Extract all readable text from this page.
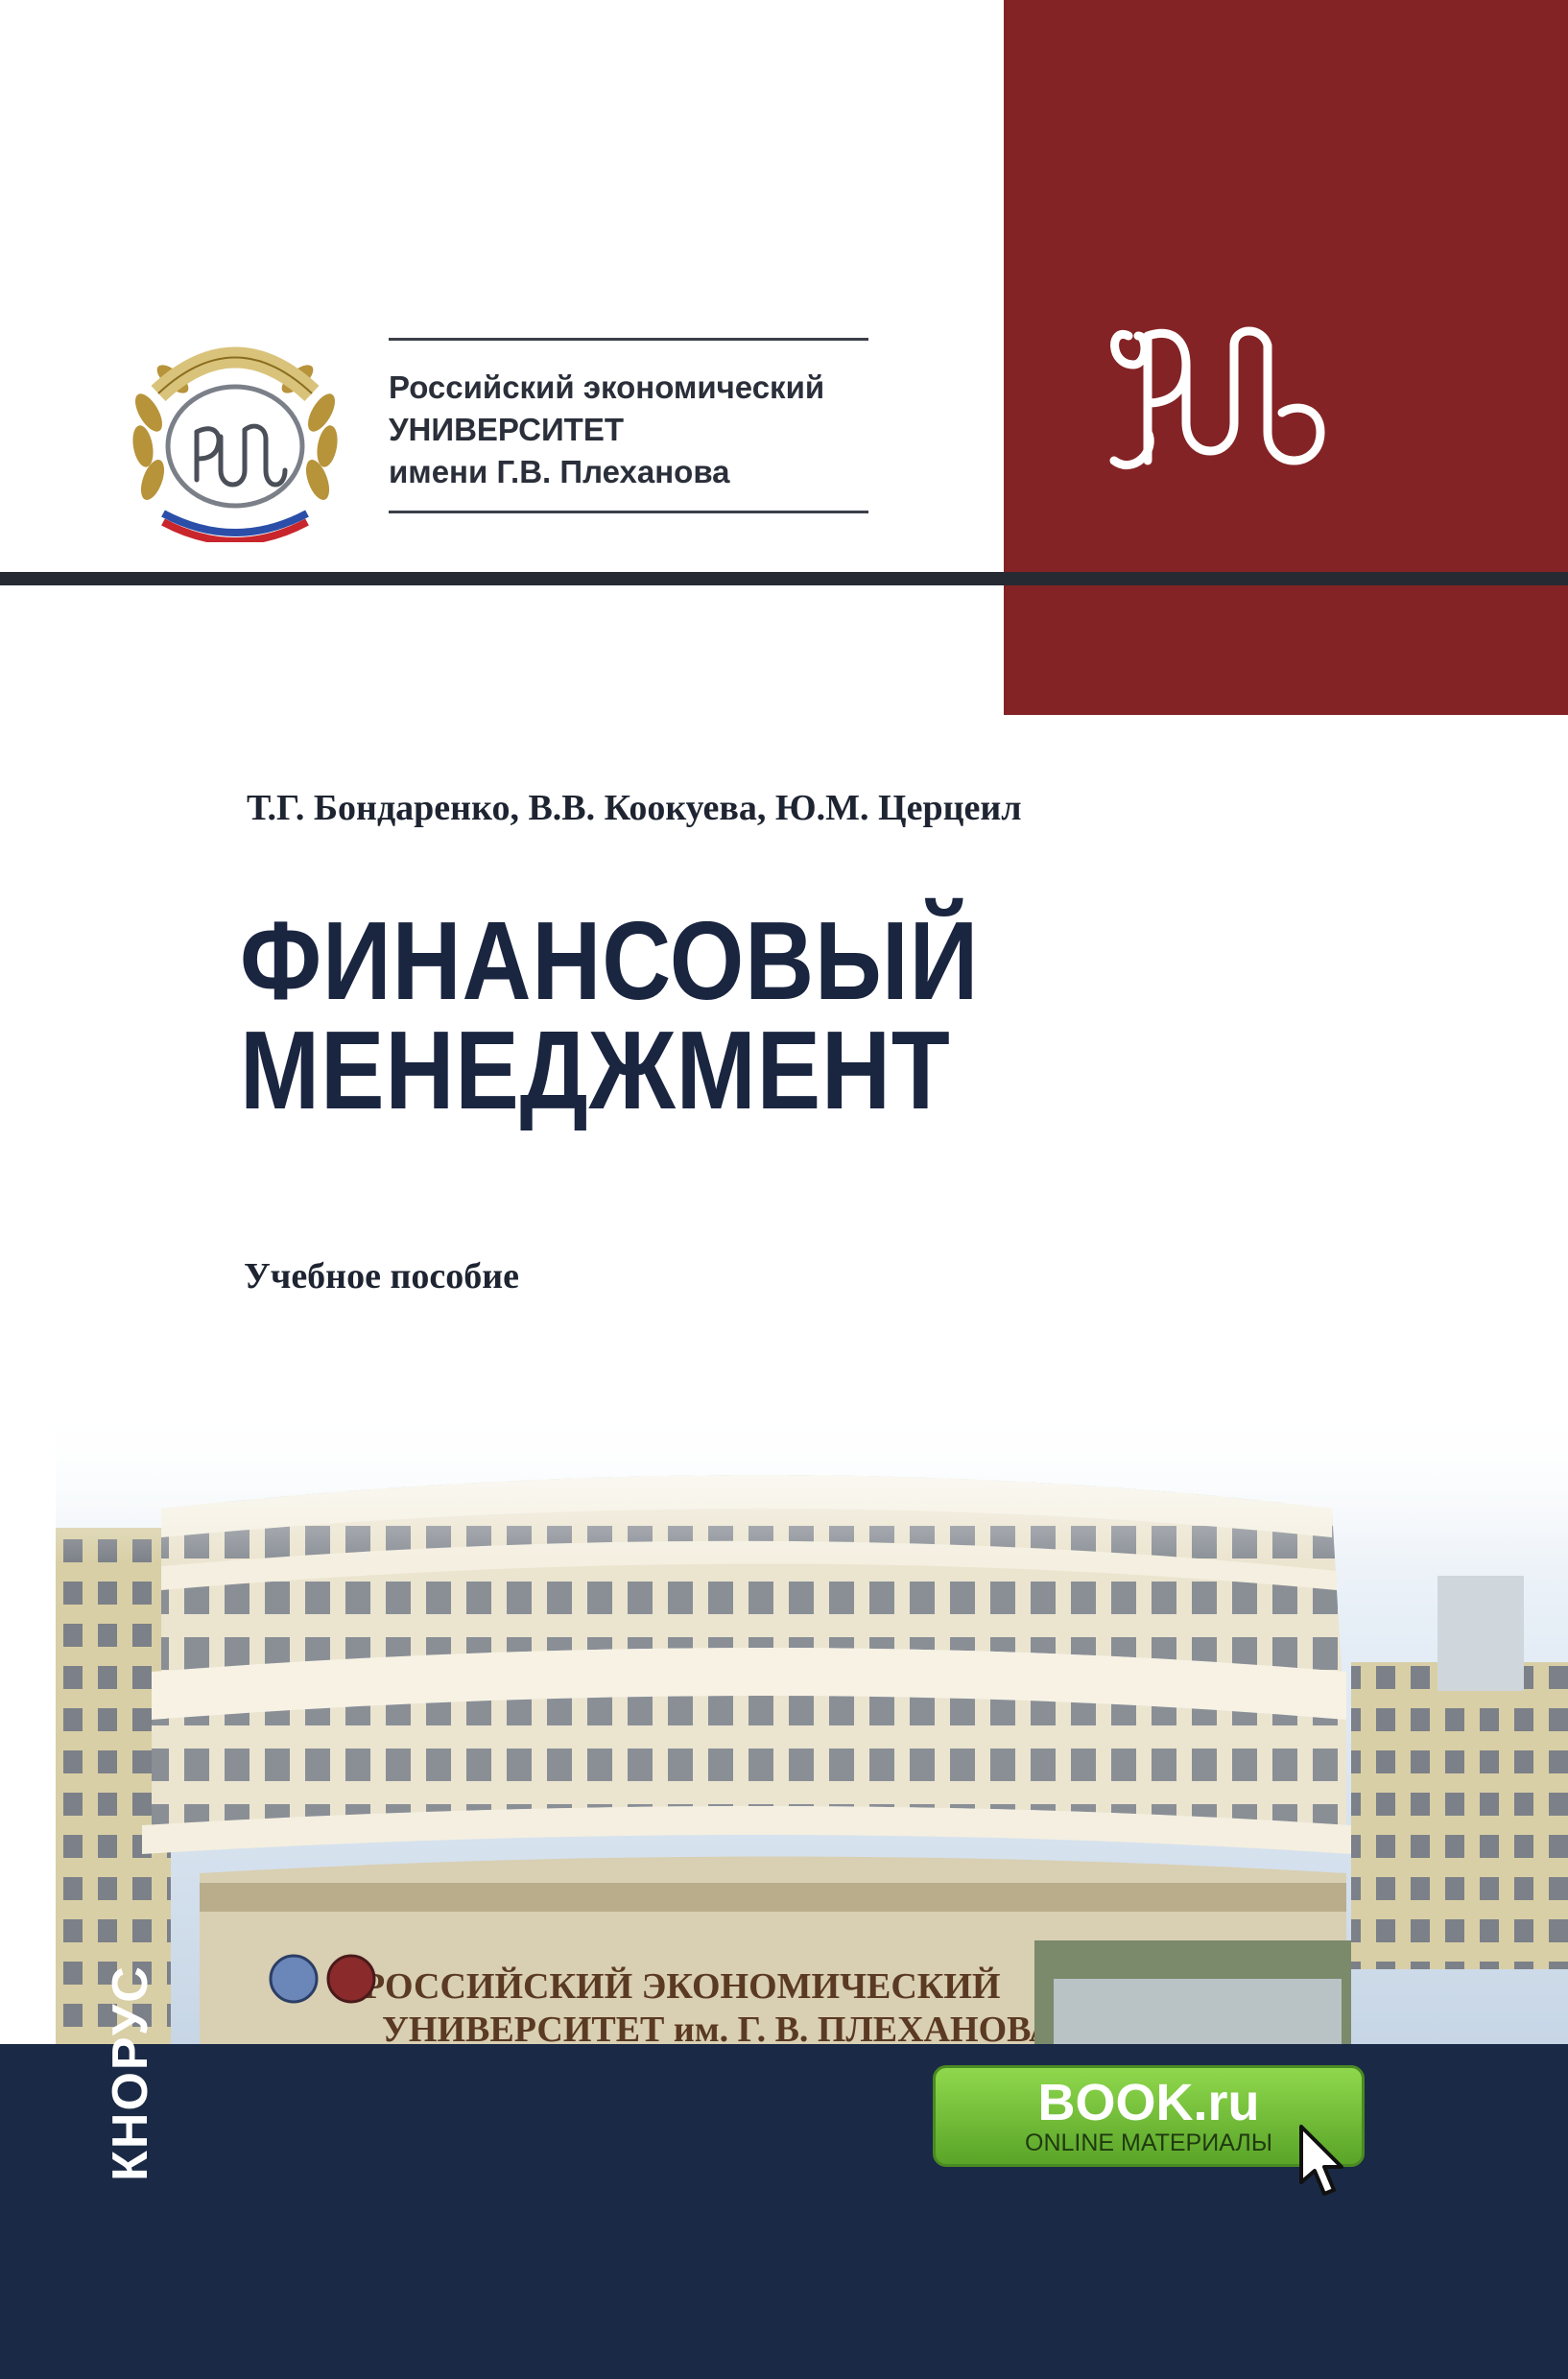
Российский экономический
УНИВЕРСИТЕТ
имени Г.В. Плеханова
Т.Г. Бондаренко, В.В. Коокуева, Ю.М. Церцеил
ФИНАНСОВЫЙ
МЕНЕДЖМЕНТ
Учебное пособие
КНОРУС	BOOK.ru
ONLINE МАТЕРИАЛЫ
